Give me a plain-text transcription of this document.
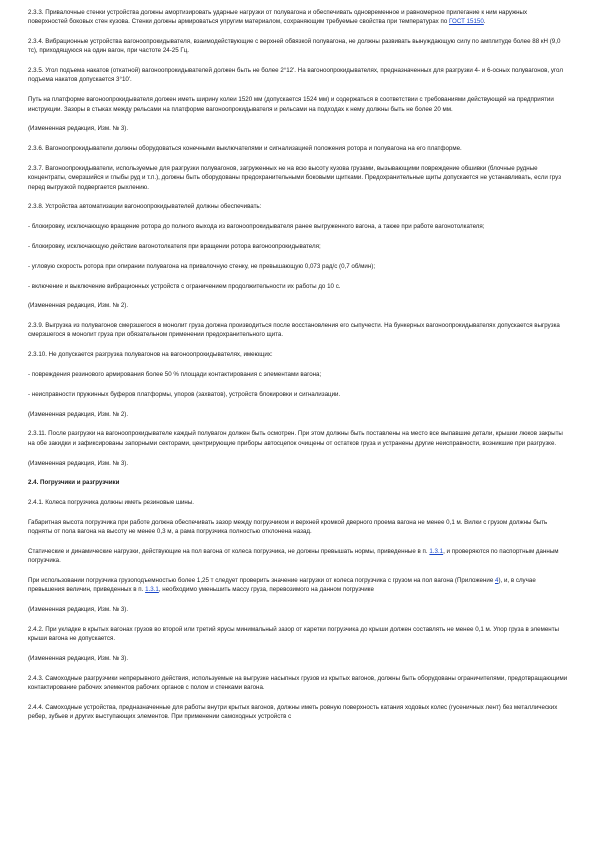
2.3.3. Привалочные стенки устройства должны амортизировать ударные нагрузки от полувагона и обеспечивать одновременное и равномерное прилегание к ним наружных поверхностей боковых стен кузова. Стенки должны армироваться упругим материалом, сохраняющим требуемые свойства при температурах по ГОСТ 15150.

2.3.4. Вибрационные устройства вагоноопрокидывателя, взаимодействующие с верхней обвязкой полувагона, не должны развивать вынуждающую силу по амплитуде более 88 кН (9,0 тс), приходящуюся на один вагон, при частоте 24-25 Гц.

2.3.5. Угол подъема накатов (откатной) вагоноопрокидывателей должен быть не более 2°12'. На вагоноопрокидывателях, предназначенных для разгрузки 4- и 6-осных полувагонов, угол подъема накатов допускается 3°10'.

Путь на платформе вагоноопрокидывателя должен иметь ширину колеи 1520 мм (допускается 1524 мм) и содержаться в соответствии с требованиями действующей на предприятии инструкции. Зазоры в стыках между рельсами на платформе вагоноопрокидывателя и рельсами на подходах к нему должны быть не более 20 мм.

(Измененная редакция, Изм. № 3).

2.3.6. Вагоноопрокидыватели должны оборудоваться конечными выключателями и сигнализацией положения ротора и полувагона на его платформе.

2.3.7. Вагоноопрокидыватели, используемые для разгрузки полувагонов, загруженных не на всю высоту кузова грузами, вызывающими повреждение обшивки (блочные рудные концентраты, смерзшийся и глыбы руд и т.п.), должны быть оборудованы предохранительными боковыми щитками. Предохранительные щиты допускается не устанавливать, если груз перед выгрузкой подвергается рыхлению.

2.3.8. Устройства автоматизации вагоноопрокидывателей должны обеспечивать:

- блокировку, исключающую вращение ротора до полного выхода из вагоноопрокидывателя ранее выгруженного вагона, а также при работе вагонотолкателя;

- блокировку, исключающую действие вагонотолкателя при вращении ротора вагоноопрокидывателя;

- угловую скорость ротора при опирании полувагона на привалочную стенку, не превышающую 0,073 рад/с (0,7 об/мин);

- включение и выключение вибрационных устройств с ограничением продолжительности их работы до 10 с.

(Измененная редакция, Изм. № 2).

2.3.9. Выгрузка из полувагонов смерзшегося в монолит груза должна производиться после восстановления его сыпучести. На бункерных вагоноопрокидывателях допускается выгрузка смерзшегося в монолит груза при обязательном применении предохранительного щита.

2.3.10. Не допускается разгрузка полувагонов на вагоноопрокидывателях, имеющих:

- повреждения резинового армирования более 50 % площади контактирования с элементами вагона;

- неисправности пружинных буферов платформы, упоров (захватов), устройств блокировки и сигнализации.

(Измененная редакция, Изм. № 2).

2.3.11. После разгрузки на вагоноопрокидывателе каждый полувагон должен быть осмотрен. При этом должны быть поставлены на место все выпавшие детали, крышки люков закрыты на обе закидки и зафиксированы запорными секторами, центрирующие приборы автосцепок очищены от остатков груза и устранены другие неисправности, возникшие при разгрузке.

(Измененная редакция, Изм. № 3).

2.4. Погрузчики и разгрузчики

2.4.1. Колеса погрузчика должны иметь резиновые шины.

Габаритная высота погрузчика при работе должна обеспечивать зазор между погрузчиком и верхней кромкой дверного проема вагона не менее 0,1 м. Вилки с грузом должны быть подняты от пола вагона на высоту не менее 0,3 м, а рама погрузчика полностью отклонена назад.

Статические и динамические нагрузки, действующие на пол вагона от колеса погрузчика, не должны превышать нормы, приведенные в п. 1.3.1, и проверяются по паспортным данным погрузчика.

При использовании погрузчика грузоподъемностью более 1,25 т следует проверить значение нагрузки от колеса погрузчика с грузом на пол вагона (Приложение 4), и, в случае превышения величин, приведенных в п. 1.3.1, необходимо уменьшить массу груза, перевозимого на данном погрузчике

(Измененная редакция, Изм. № 3).

2.4.2. При укладке в крытых вагонах грузов во второй или третий ярусы минимальный зазор от каретки погрузчика до крыши должен составлять не менее 0,1 м. Упор груза в элементы крыши вагона не допускается.

(Измененная редакция, Изм. № 3).

2.4.3. Самоходные разгрузчики непрерывного действия, используемые на выгрузке насыпных грузов из крытых вагонов, должны быть оборудованы ограничителями, предотвращающими контактирование рабочих элементов рабочих органов с полом и стенками вагона.

2.4.4. Самоходные устройства, предназначенные для работы внутри крытых вагонов, должны иметь ровную поверхность катания ходовых колес (гусеничных лент) без металлических ребер, зубьев и других выступающих элементов. При применении самоходных устройств с
